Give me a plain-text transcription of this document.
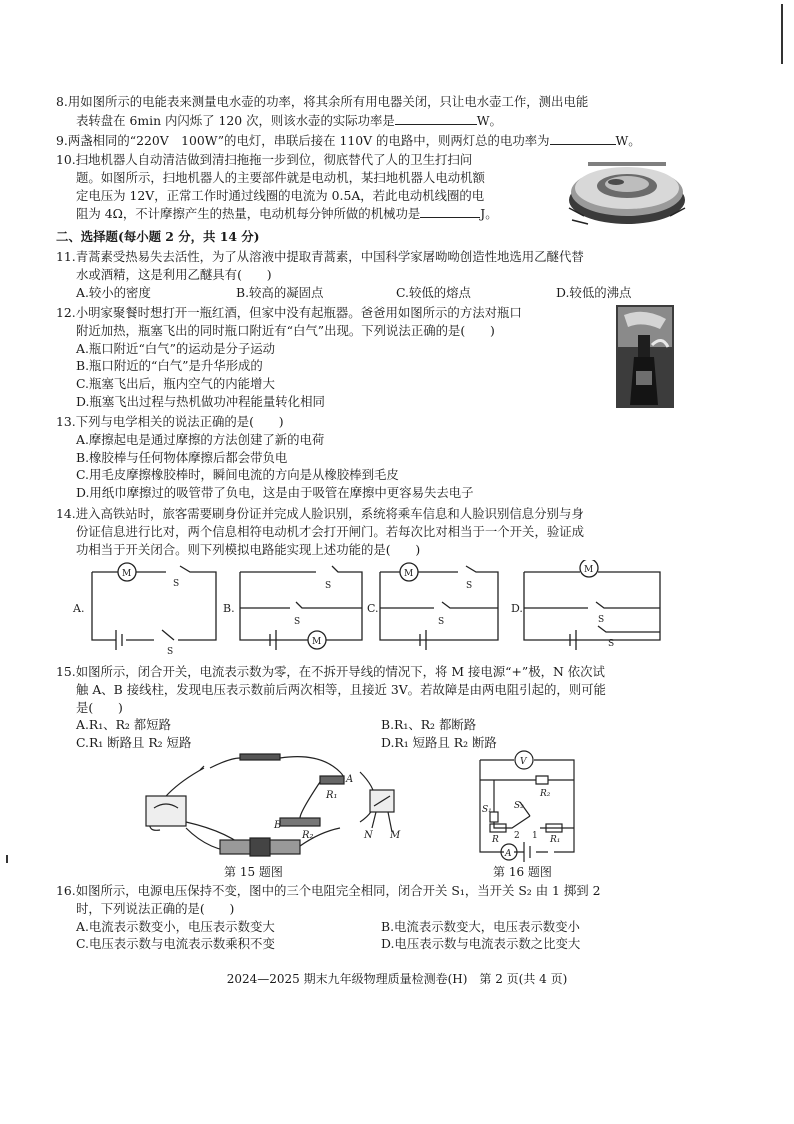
8.用如图所示的电能表来测量电水壶的功率，将其余所有用电器关闭，只让电水壶工作，测出电能
表转盘在 6min 内闪烁了 120 次，则该水壶的实际功率是	W。
9.两盏相同的“220V　100W”的电灯，串联后接在 110V 的电路中，则两灯总的电功率为	W。
10.扫地机器人自动清洁做到清扫拖拖一步到位，彻底替代了人的卫生打扫问
题。如图所示，扫地机器人的主要部件就是电动机，某扫地机器人电动机额
定电压为 12V，正常工作时通过线圈的电流为 0.5A，若此电动机线圈的电
阻为 4Ω，不计摩擦产生的热量，电动机每分钟所做的机械功是	J。
二、选择题(每小题 2 分，共 14 分)
11.青蒿素受热易失去活性，为了从溶液中提取青蒿素，中国科学家屠呦呦创造性地选用乙醚代替
水或酒精，这是利用乙醚具有(　　)
A.较小的密度	B.较高的凝固点	C.较低的熔点	D.较低的沸点
12.小明家聚餐时想打开一瓶红酒，但家中没有起瓶器。爸爸用如图所示的方法对瓶口
附近加热，瓶塞飞出的同时瓶口附近有“白气”出现。下列说法正确的是(　　)
A.瓶口附近“白气”的运动是分子运动
B.瓶口附近的“白气”是升华形成的
C.瓶塞飞出后，瓶内空气的内能增大
D.瓶塞飞出过程与热机做功冲程能量转化相同
13.下列与电学相关的说法正确的是(　　)
A.摩擦起电是通过摩擦的方法创建了新的电荷
B.橡胶棒与任何物体摩擦后都会带负电
C.用毛皮摩擦橡胶棒时，瞬间电流的方向是从橡胶棒到毛皮
D.用纸巾摩擦过的吸管带了负电，这是由于吸管在摩擦中更容易失去电子
14.进入高铁站时，旅客需要刷身份证并完成人脸识别，系统将乘车信息和人脸识别信息分别与身
份证信息进行比对，两个信息相符电动机才会打开闸门。若每次比对相当于一个开关，验证成
功相当于开关闭合。则下列模拟电路能实现上述功能的是(　　)
A.
M
S
S
B.
M
S
S
C.
M
S
S
D.
M
S
S
15.如图所示，闭合开关，电流表示数为零，在不拆开导线的情况下，将 M 接电源“+”极，N 依次试
触 A、B 接线柱，发现电压表示数前后两次相等，且接近 3V。若故障是由两电阻引起的，则可能
是(　　)
A.R₁、R₂ 都短路	B.R₁、R₂ 都断路
C.R₁ 断路且 R₂ 短路	D.R₁ 短路且 R₂ 断路
A
R₁
B
R₂	N M
第 15 题图
V
A
R₂
R	R₁
S₁ S₂
2 1
第 16 题图
16.如图所示，电源电压保持不变，图中的三个电阻完全相同，闭合开关 S₁，当开关 S₂ 由 1 掷到 2
时，下列说法正确的是(　　)
A.电流表示数变小，电压表示数变大	B.电流表示数变大，电压表示数变小
C.电压表示数与电流表示数乘积不变	D.电压表示数与电流表示数之比变大
2024—2025 期末九年级物理质量检测卷(H)　第 2 页(共 4 页)
